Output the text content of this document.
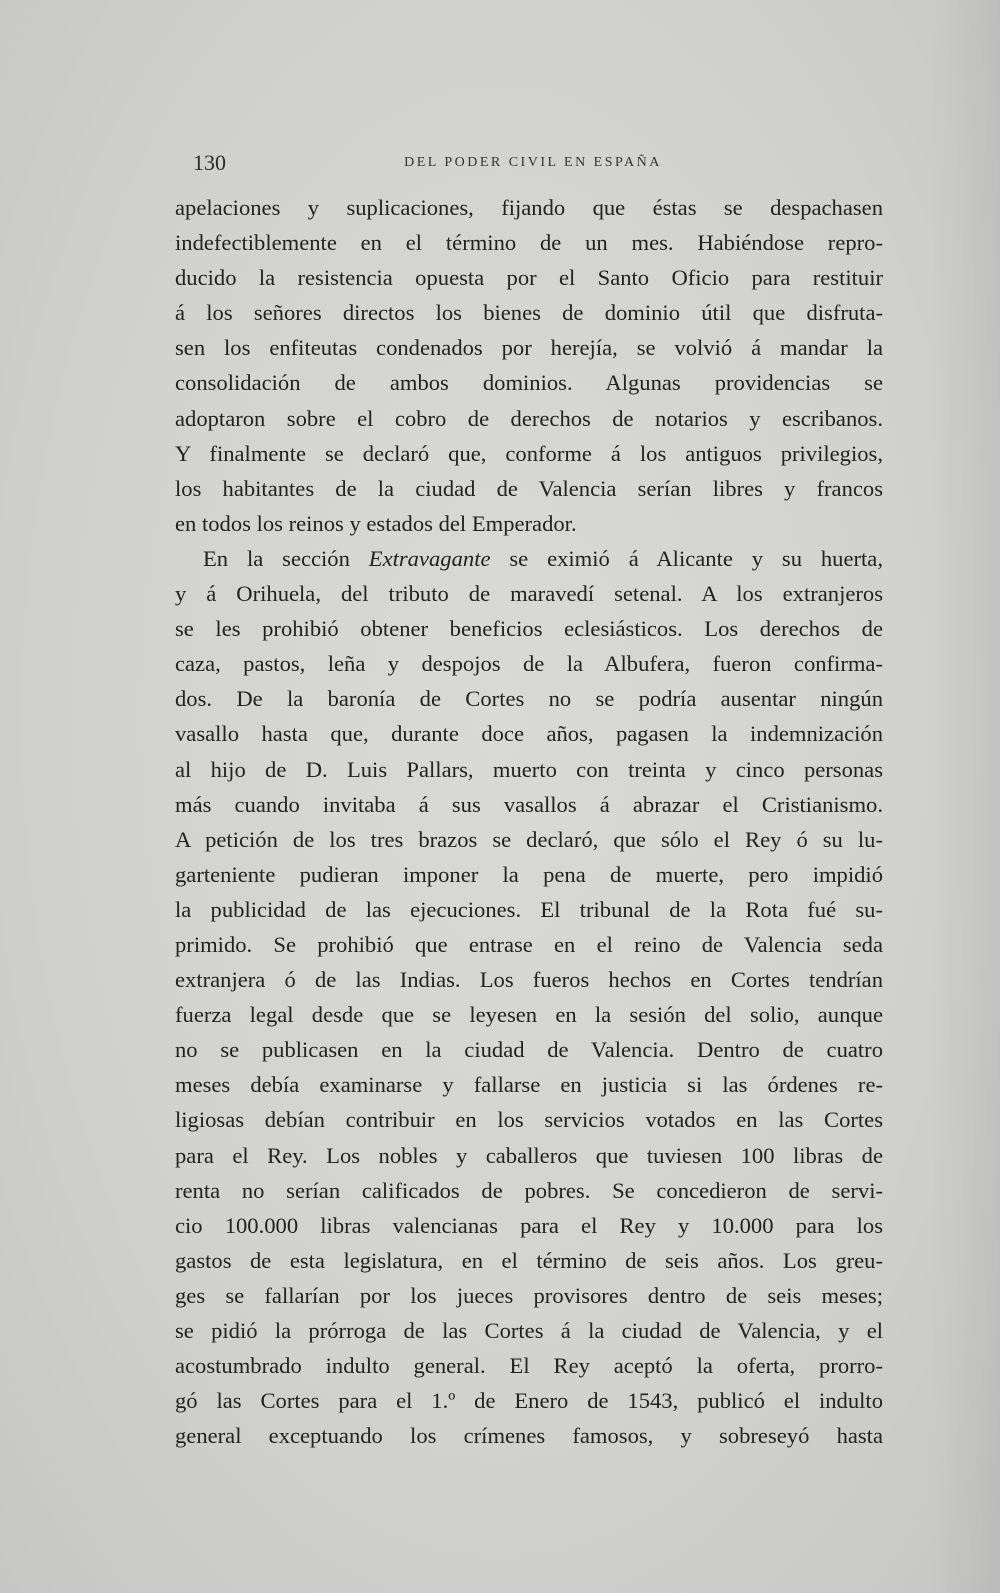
130	DEL PODER CIVIL EN ESPAÑA
apelaciones y suplicaciones, fijando que éstas se despachasen
indefectiblemente en el término de un mes. Habiéndose repro-
ducido la resistencia opuesta por el Santo Oficio para restituir
á los señores directos los bienes de dominio útil que disfruta-
sen los enfiteutas condenados por herejía, se volvió á mandar la
consolidación de ambos dominios. Algunas providencias se
adoptaron sobre el cobro de derechos de notarios y escribanos.
Y finalmente se declaró que, conforme á los antiguos privilegios,
los habitantes de la ciudad de Valencia serían libres y francos
en todos los reinos y estados del Emperador.
En la sección Extravagante se eximió á Alicante y su huerta,
y á Orihuela, del tributo de maravedí setenal. A los extranjeros
se les prohibió obtener beneficios eclesiásticos. Los derechos de
caza, pastos, leña y despojos de la Albufera, fueron confirma-
dos. De la baronía de Cortes no se podría ausentar ningún
vasallo hasta que, durante doce años, pagasen la indemnización
al hijo de D. Luis Pallars, muerto con treinta y cinco personas
más cuando invitaba á sus vasallos á abrazar el Cristianismo.
A petición de los tres brazos se declaró, que sólo el Rey ó su lu-
garteniente pudieran imponer la pena de muerte, pero impidió
la publicidad de las ejecuciones. El tribunal de la Rota fué su-
primido. Se prohibió que entrase en el reino de Valencia seda
extranjera ó de las Indias. Los fueros hechos en Cortes tendrían
fuerza legal desde que se leyesen en la sesión del solio, aunque
no se publicasen en la ciudad de Valencia. Dentro de cuatro
meses debía examinarse y fallarse en justicia si las órdenes re-
ligiosas debían contribuir en los servicios votados en las Cortes
para el Rey. Los nobles y caballeros que tuviesen 100 libras de
renta no serían calificados de pobres. Se concedieron de servi-
cio 100.000 libras valencianas para el Rey y 10.000 para los
gastos de esta legislatura, en el término de seis años. Los greu-
ges se fallarían por los jueces provisores dentro de seis meses;
se pidió la prórroga de las Cortes á la ciudad de Valencia, y el
acostumbrado indulto general. El Rey aceptó la oferta, prorro-
gó las Cortes para el 1.º de Enero de 1543, publicó el indulto
general exceptuando los crímenes famosos, y sobreseyó hasta
